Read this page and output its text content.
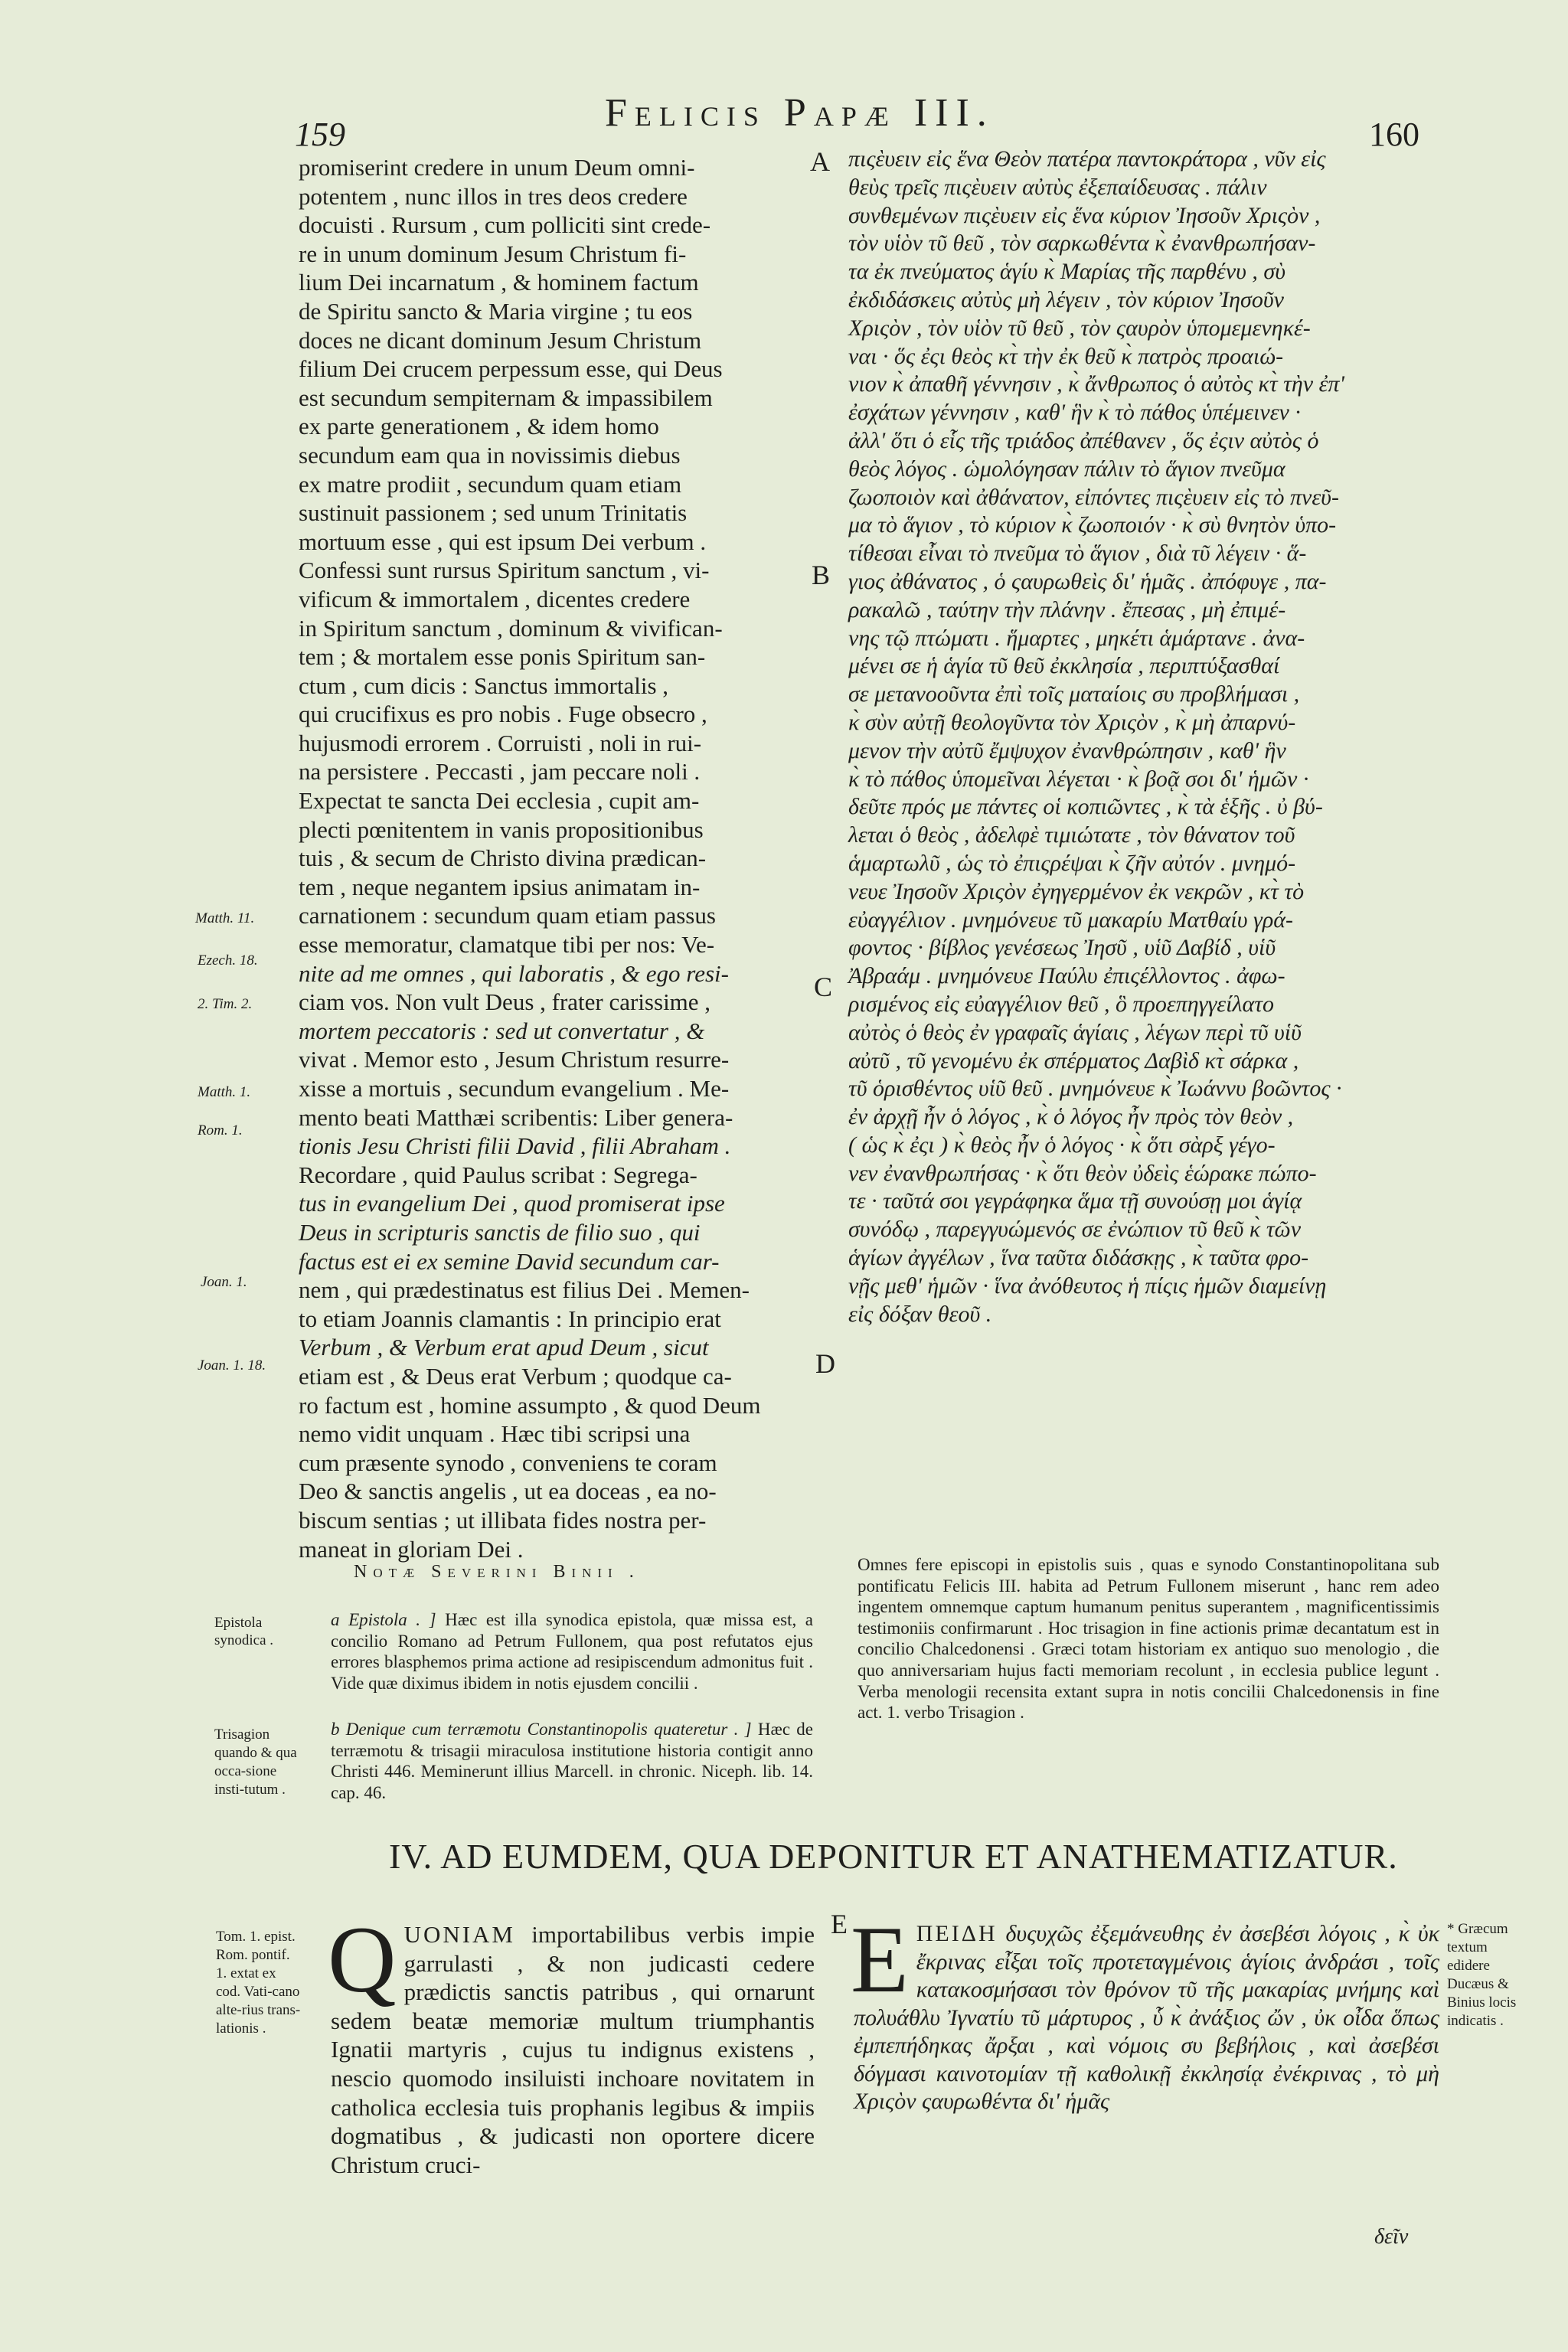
159	Felicis Papæ III.	160
A
B
C
D
E
Matth. 11.
Ezech. 18.
2. Tim. 2.
Matth. 1.
Rom. 1.
Joan. 1.
Joan. 1. 18.
Epistola synodica .
Trisagion quando & qua occa-sione insti-tutum .
Tom. 1. epist. Rom. pontif. 1. extat ex cod. Vati-cano alte-rius trans-lationis .
* Græcum textum edidere Ducæus & Binius locis indicatis .

promiserint credere in unum Deum omni-

potentem , nunc illos in tres deos credere

docuisti . Rursum , cum polliciti sint crede-

re in unum dominum Jesum Christum fi-

lium Dei incarnatum , & hominem factum

de Spiritu sancto & Maria virgine ; tu eos

doces ne dicant dominum Jesum Christum

filium Dei crucem perpessum esse, qui Deus

est secundum sempiternam & impassibilem

ex parte generationem , & idem homo

secundum eam qua in novissimis diebus

ex matre prodiit , secundum quam etiam

sustinuit passionem ; sed unum Trinitatis

mortuum esse , qui est ipsum Dei verbum .

Confessi sunt rursus Spiritum sanctum , vi-

vificum & immortalem , dicentes credere

in Spiritum sanctum , dominum & vivifican-

tem ; & mortalem esse ponis Spiritum san-

ctum , cum dicis : Sanctus immortalis ,

qui crucifixus es pro nobis . Fuge obsecro ,

hujusmodi errorem . Corruisti , noli in rui-

na persistere . Peccasti , jam peccare noli .

Expectat te sancta Dei ecclesia , cupit am-

plecti pœnitentem in vanis propositionibus

tuis , & secum de Christo divina prædican-

tem , neque negantem ipsius animatam in-

carnationem : secundum quam etiam passus

esse memoratur, clamatque tibi per nos: Ve-

nite ad me omnes , qui laboratis , & ego resi-

ciam vos. Non vult Deus , frater carissime ,

mortem peccatoris : sed ut convertatur , &

vivat . Memor esto , Jesum Christum resurre-

xisse a mortuis , secundum evangelium . Me-

mento beati Matthæi scribentis: Liber genera-

tionis Jesu Christi filii David , filii Abraham .

Recordare , quid Paulus scribat : Segrega-

tus in evangelium Dei , quod promiserat ipse

Deus in scripturis sanctis de filio suo , qui

factus est ei ex semine David secundum car-

nem , qui prædestinatus est filius Dei . Memen-

to etiam Joannis clamantis : In principio erat

Verbum , & Verbum erat apud Deum , sicut

etiam est , & Deus erat Verbum ; quodque ca-

ro factum est , homine assumpto , & quod Deum

nemo vidit unquam . Hæc tibi scripsi una

cum præsente synodo , conveniens te coram

Deo & sanctis angelis , ut ea doceas , ea no-

biscum sentias ; ut illibata fides nostra per-

maneat in gloriam Dei .

πιςὲυειν εἰς ἕνα Θεὸν πατέρα παντοκράτορα , νῦν εἰς

θεὺς τρεῖς πιςὲυειν αὐτὺς ἐξεπαίδευσας . πάλιν

συνθεμένων πιςὲυειν εἰς ἕνα κύριον Ἰησοῦν Χριςὸν ,

τὸν υἱὸν τῦ θεῦ , τὸν σαρκωθέντα κ̀ ἐνανθρωπήσαν-

τα ἐκ πνεύματος ἁγίυ κ̀ Μαρίας τῆς παρθένυ , σὺ

ἐκδιδάσκεις αὐτὺς μὴ λέγειν , τὸν κύριον Ἰησοῦν

Χριςὸν , τὸν υἱὸν τῦ θεῦ , τὸν ςαυρὸν ὑπομεμενηκέ-

ναι · ὅς ἐςι θεὸς κτ̀ τὴν ἐκ θεῦ κ̀ πατρὸς προαιώ-

νιον κ̀ ἀπαθῆ γέννησιν , κ̀ ἄνθρωπος ὁ αὐτὸς κτ̀ τὴν ἐπ'

ἐσχάτων γέννησιν , καθ' ἣν κ̀ τὸ πάθος ὑπέμεινεν ·

ἀλλ' ὅτι ὁ εἷς τῆς τριάδος ἀπέθανεν , ὅς ἐςιν αὐτὸς ὁ

θεὸς λόγος . ὡμολόγησαν πάλιν τὸ ἅγιον πνεῦμα

ζωοποιὸν καὶ ἀθάνατον, εἰπόντες πιςὲυειν εἰς τὸ πνεῦ-

μα τὸ ἅγιον , τὸ κύριον κ̀ ζωοποιόν · κ̀ σὺ θνητὸν ὑπο-

τίθεσαι εἶναι τὸ πνεῦμα τὸ ἅγιον , διὰ τῦ λέγειν · ἅ-

γιος ἀθάνατος , ὁ ςαυρωθεὶς δι' ἡμᾶς . ἀπόφυγε , πα-

ρακαλῶ , ταύτην τὴν πλάνην . ἔπεσας , μὴ ἐπιμέ-

νης τῷ πτώματι . ἥμαρτες , μηκέτι ἁμάρτανε . ἀνα-

μένει σε ἡ ἁγία τῦ θεῦ ἐκκλησία , περιπτύξασθαί

σε μετανοοῦντα ἐπὶ τοῖς ματαίοις συ προβλήμασι ,

κ̀ σὺν αὐτῇ θεολογῦντα τὸν Χριςὸν , κ̀ μὴ ἀπαρνύ-

μενον τὴν αὐτῦ ἔμψυχον ἐνανθρώπησιν , καθ' ἣν

κ̀ τὸ πάθος ὑπομεῖναι λέγεται · κ̀ βοᾷ σοι δι' ἡμῶν ·

δεῦτε πρός με πάντες οἱ κοπιῶντες , κ̀ τὰ ἑξῆς . ὐ βύ-

λεται ὁ θεὸς , ἀδελφὲ τιμιώτατε , τὸν θάνατον τοῦ

ἁμαρτωλῦ , ὡς τὸ ἐπιςρέψαι κ̀ ζῆν αὐτόν . μνημό-

νευε Ἰησοῦν Χριςὸν ἐγηγερμένον ἐκ νεκρῶν , κτ̀ τὸ

εὐαγγέλιον . μνημόνευε τῦ μακαρίυ Ματθαίυ γρά-

φοντος · βίβλος γενέσεως Ἰησῦ , υἱῦ Δαβίδ , υἱῦ

Ἀβραάμ . μνημόνευε Παύλυ ἐπιςέλλοντος . ἀφω-

ρισμένος εἰς εὐαγγέλιον θεῦ , ὃ προεπηγγείλατο

αὐτὸς ὁ θεὸς ἐν γραφαῖς ἁγίαις , λέγων περὶ τῦ υἱῦ

αὐτῦ , τῦ γενομένυ ἐκ σπέρματος Δαβὶδ κτ̀ σάρκα ,

τῦ ὁρισθέντος υἱῦ θεῦ . μνημόνευε κ̀ Ἰωάννυ βοῶντος ·

ἐν ἀρχῇ ἦν ὁ λόγος , κ̀ ὁ λόγος ἦν πρὸς τὸν θεὸν ,

( ὡς κ̀ ἐςι ) κ̀ θεὸς ἦν ὁ λόγος · κ̀ ὅτι σὰρξ γέγο-

νεν ἐνανθρωπήσας · κ̀ ὅτι θεὸν ὐδεὶς ἑώρακε πώπο-

τε · ταῦτά σοι γεγράφηκα ἅμα τῇ συνούσῃ μοι ἁγίᾳ

συνόδῳ , παρεγγυώμενός σε ἐνώπιον τῦ θεῦ κ̀ τῶν

ἁγίων ἀγγέλων , ἵνα ταῦτα διδάσκῃς , κ̀ ταῦτα φρο-

νῇς μεθ' ἡμῶν · ἵνα ἀνόθευτος ἡ πίςις ἡμῶν διαμείνῃ

εἰς δόξαν θεοῦ .

Notæ Severini Binii .
a Epistola . ] Hæc est illa synodica epistola, quæ missa est, a concilio Romano ad Petrum Fullonem, qua post refutatos ejus errores blasphemos prima actione ad resipiscendum admonitus fuit . Vide quæ diximus ibidem in notis ejusdem concilii .
b Denique cum terræmotu Constantinopolis quateretur . ] Hæc de terræmotu & trisagii miraculosa institutione historia contigit anno Christi 446. Meminerunt illius Marcell. in chronic. Niceph. lib. 14. cap. 46.
Omnes fere episcopi in epistolis suis , quas e synodo Constantinopolitana sub pontificatu Felicis III. habita ad Petrum Fullonem miserunt , hanc rem adeo ingentem omnemque captum humanum penitus superantem , magnificentissimis testimoniis confirmarunt . Hoc trisagion in fine actionis primæ decantatum est in concilio Chalcedonensi . Græci totam historiam ex antiquo suo menologio , die quo anniversariam hujus facti memoriam recolunt , in ecclesia publice legunt . Verba menologii recensita extant supra in notis concilii Chalcedonensis in fine act. 1. verbo Trisagion .
IV. AD EUMDEM, QUA DEPONITUR ET ANATHEMATIZATUR.
Q UONIAM importabilibus verbis impie garrulasti , & non judicasti cedere prædictis sanctis patribus , qui ornarunt sedem beatæ memoriæ multum triumphantis Ignatii martyris , cujus tu indignus existens , nescio quomodo insiluisti inchoare novitatem in catholica ecclesia tuis prophanis legibus & impiis dogmatibus , & judicasti non oportere dicere Christum cruci-
Ε ΠΕΙΔΗ δυςυχῶς ἐξεμάνευθης ἐν ἀσεβέσι λόγοις , κ̀ ὐκ ἔκρινας εἶξαι τοῖς προτεταγμένοις ἁγίοις ἀνδράσι , τοῖς κατακοσμήσασι τὸν θρόνον τῦ τῆς μακαρίας μνήμης καὶ πολυάθλυ Ἰγνατίυ τῦ μάρτυρος , ὗ κ̀ ἀνάξιος ὤν , ὐκ οἶδα ὅπως ἐμπεπήδηκας ἄρξαι , καὶ νόμοις συ βεβήλοις , καὶ ἀσεβέσι δόγμασι καινοτομίαν τῇ καθολικῇ ἐκκλησίᾳ ἐνέκρινας , τὸ μὴ Χριςὸν ςαυρωθέντα δι' ἡμᾶς
δεῖν
